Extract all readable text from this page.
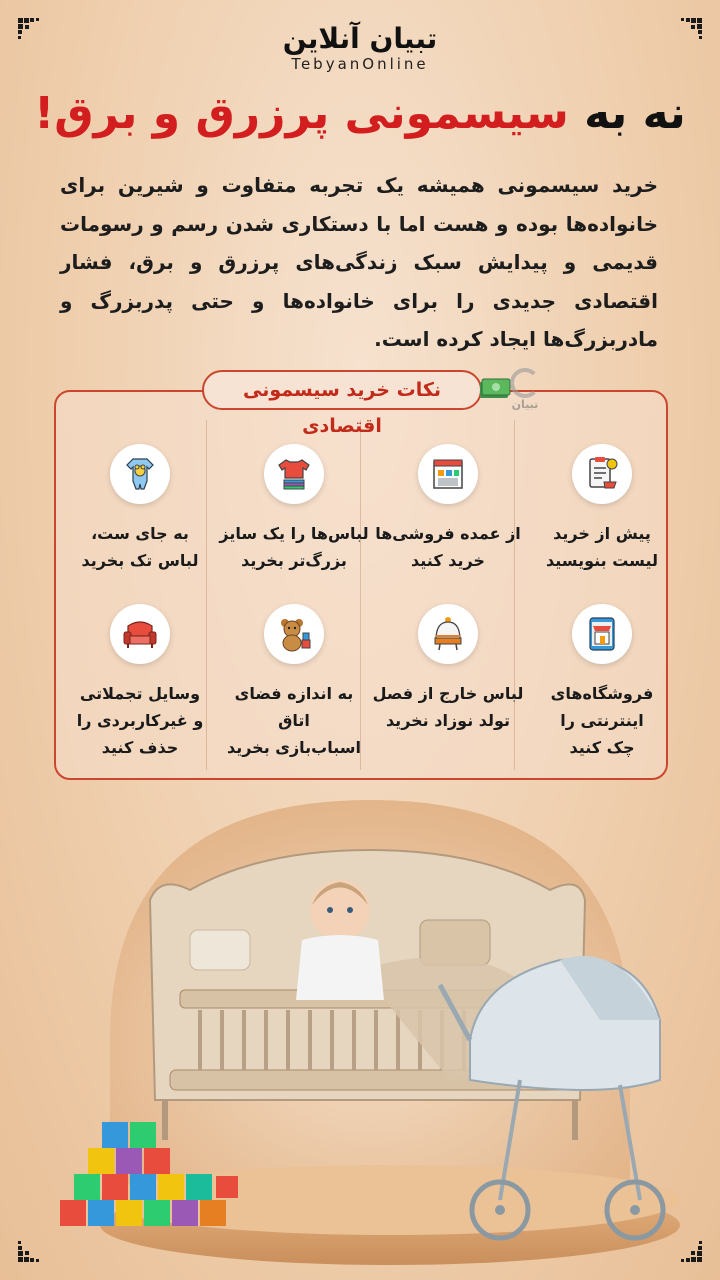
تبیان آنلاین
TebyanOnline
نه به سیسمونی پرزرق و برق!
خرید سیسمونی همیشه یک تجربه متفاوت و شیرین برای خانواده‌ها بوده و هست اما با دستکاری شدن رسم و رسومات قدیمی و پیدایش سبک زندگی‌های پرزرق و برق، فشار اقتصادی جدیدی را برای خانواده‌ها و حتی پدربزرگ و مادربزرگ‌ها ایجاد کرده است.
نکات خرید سیسمونی اقتصادی
تبیان
پیش از خرید
لیست بنویسید
از عمده فروشی‌ها
خرید کنید
لباس‌ها را یک سایز
بزرگ‌تر بخرید
به جای ست،
لباس تک بخرید
فروشگاه‌های
اینترنتی را
چک کنید
لباس خارج از فصل
تولد نوزاد نخرید
به اندازه فضای اتاق
اسباب‌بازی بخرید
وسایل تجملاتی
و غیرکاربردی را
حذف کنید
